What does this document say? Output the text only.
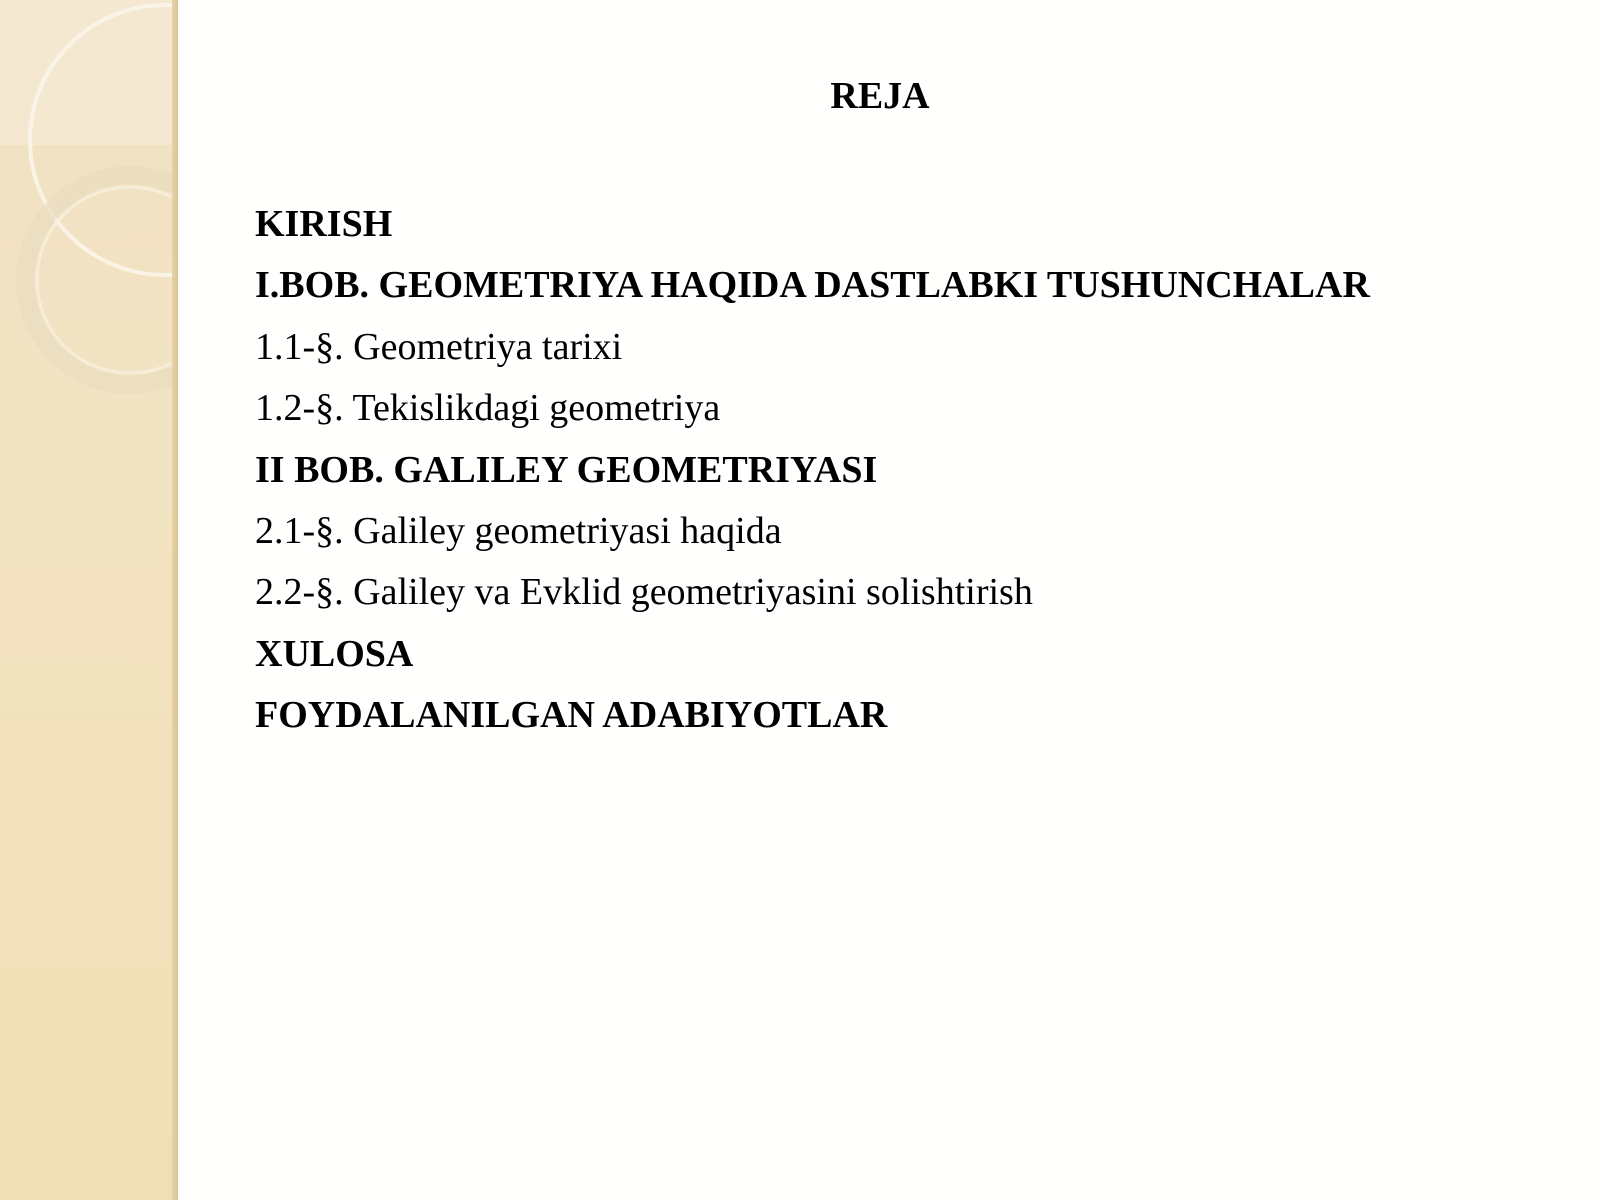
REJA
KIRISH
I.BOB. GEOMETRIYA HAQIDA DASTLABKI TUSHUNCHALAR
1.1-§. Geometriya tarixi
1.2-§. Tekislikdagi geometriya
II BOB. GALILEY GEOMETRIYASI
2.1-§. Galiley geometriyasi haqida
2.2-§. Galiley va Evklid geometriyasini solishtirish
XULOSA
FOYDALANILGAN ADABIYOTLAR
